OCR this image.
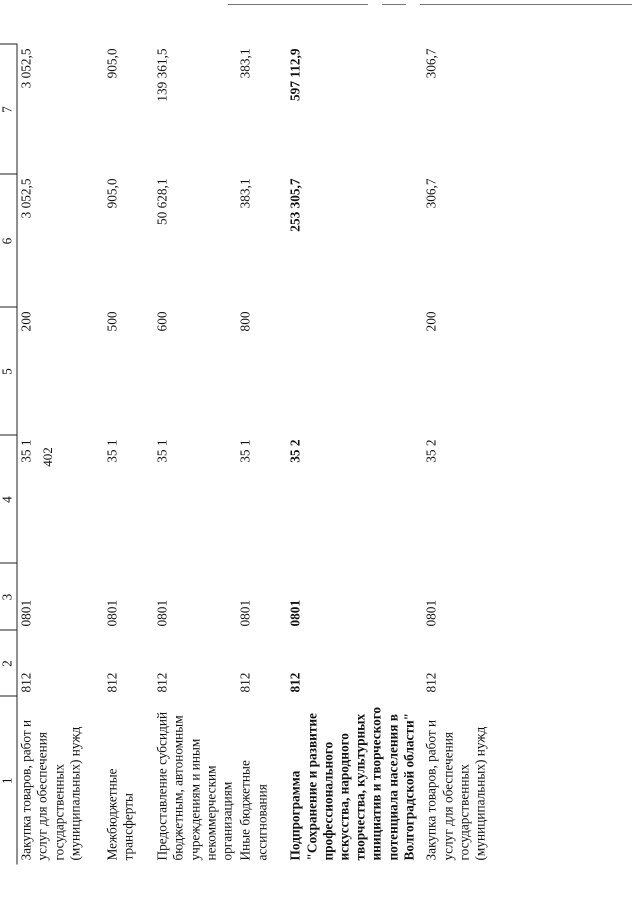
402
1	2	3	4	5	6	7
Закупка товаров, работ и услуг для обеспечения государственных (муниципальных) нужд	812	0801	35 1	200	3 052,5	3 052,5
Межбюджетные трансферты	812	0801	35 1	500	905,0	905,0
Предоставление субсидий бюджетным, автономным учреждениям и иным некоммерческим организациям	812	0801	35 1	600	50 628,1	139 361,5
Иные бюджетные ассигнования	812	0801	35 1	800	383,1	383,1
Подпрограмма "Сохранение и развитие профессионального искусства, народного творчества, культурных инициатив и творческого потенциала населения в Волгоградской области"	812	0801	35 2		253 305,7	597 112,9
Закупка товаров, работ и услуг для обеспечения государственных (муниципальных) нужд	812	0801	35 2	200	306,7	306,7
